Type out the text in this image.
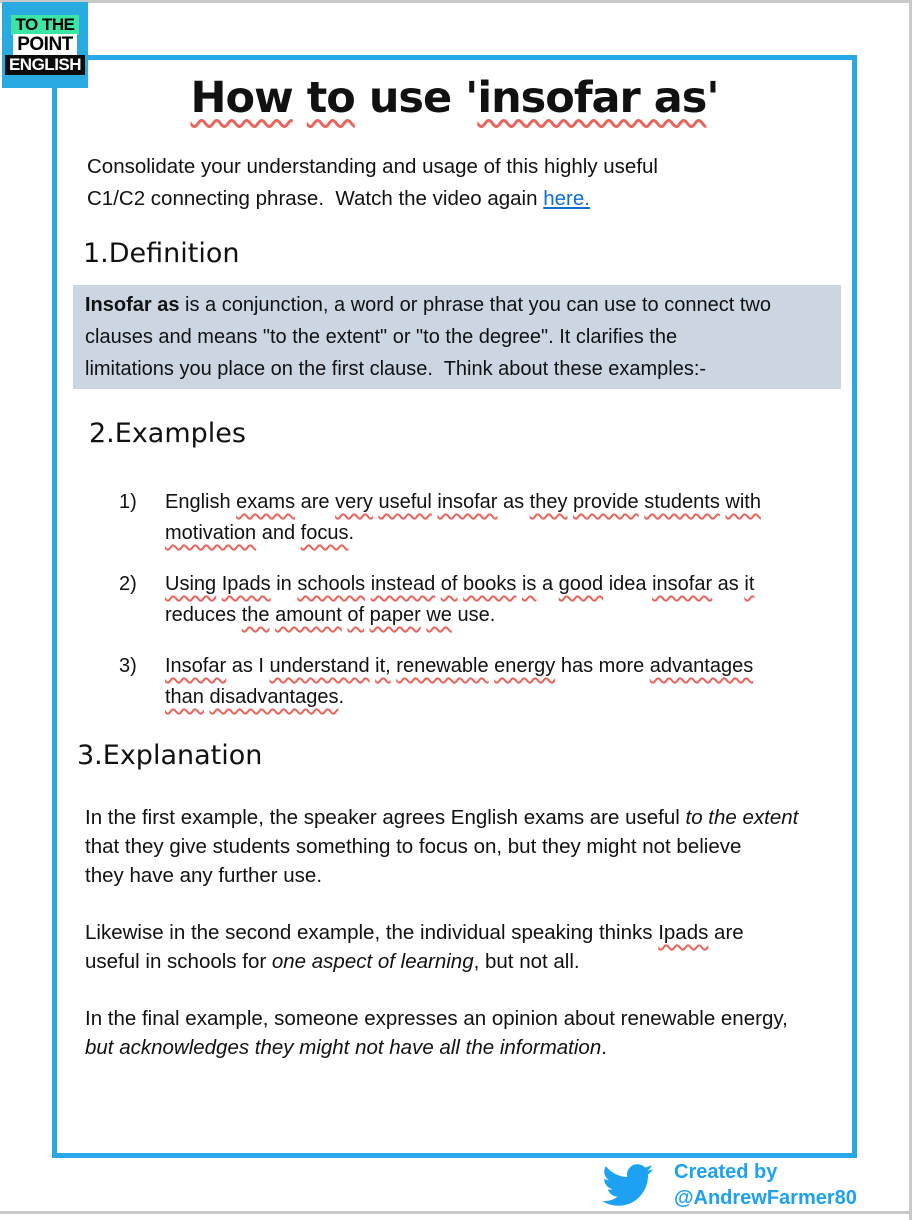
TO THE
POINT
ENGLISH
How to use 'insofar as'

Consolidate your understanding and usage of this highly useful
C1/C2 connecting phrase.  Watch the video again here.

1.Definition
Insofar as is a conjunction, a word or phrase that you can use to connect two
clauses and means "to the extent" or "to the degree". It clarifies the
limitations you place on the first clause.  Think about these examples:-
2.Examples
1)	English exams are very useful insofar as they provide students with
motivation and focus.
2)	Using Ipads in schools instead of books is a good idea insofar as it
reduces the amount of paper we use.
3)	Insofar as I understand it, renewable energy has more advantages
than disadvantages.
3.Explanation

In the first example, the speaker agrees English exams are useful to the extent
that they give students something to focus on, but they might not believe
they have any further use.

Likewise in the second example, the individual speaking thinks Ipads are
useful in schools for one aspect of learning, but not all.

In the final example, someone expresses an opinion about renewable energy,
but acknowledges they might not have all the information.

Created by
@AndrewFarmer80
